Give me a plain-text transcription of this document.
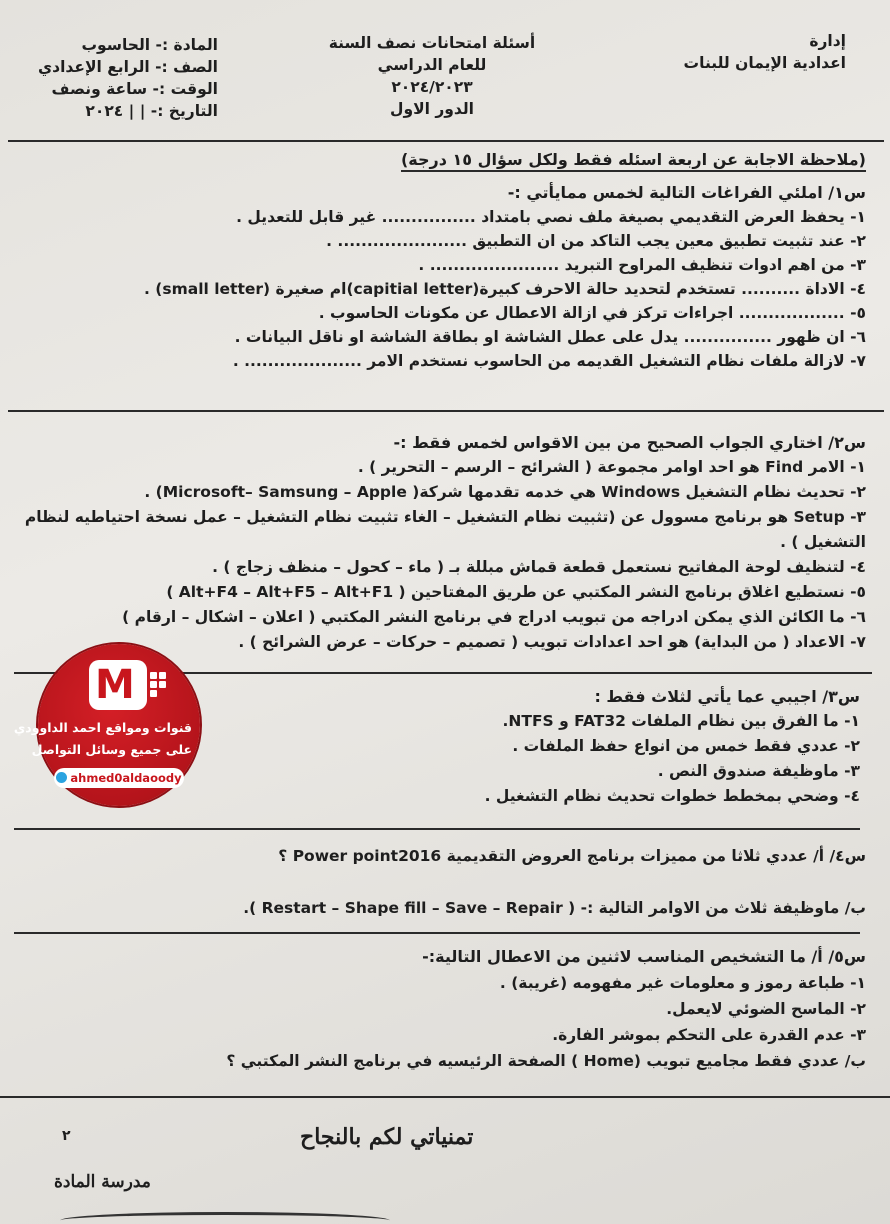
إدارة
اعدادية الإيمان للبنات
أسئلة امتحانات نصف السنة
للعام الدراسي
٢٠٢٤/٢٠٢٣
الدور الاول
المادة :- الحاسوب
الصف :- الرابع الإعدادي
الوقت :- ساعة ونصف
التاريخ :- | | ٢٠٢٤
(ملاحظة الاجابة عن اربعة اسئله فقط ولكل سؤال ١٥ درجة)
س١/ املئي الفراغات التالية لخمس ممايأتي :-
١- يحفظ العرض التقديمي بصيغة ملف نصي بامتداد ................ غير قابل للتعديل .
٢- عند تثبيت تطبيق معين يجب التاكد من ان التطبيق ...................... .
٣- من اهم ادوات تنظيف المراوح التبريد ...................... .
٤- الاداة .......... تستخدم لتحديد حالة الاحرف كبيرة(capitial letter)ام صغيرة (small letter) .
٥- .................. اجراءات تركز في ازالة الاعطال عن مكونات الحاسوب .
٦- ان ظهور ............... يدل على عطل الشاشة او بطاقة الشاشة او ناقل البيانات .
٧- لازالة ملفات نظام التشغيل القديمه من الحاسوب نستخدم الامر .................... .
س٢/ اختاري الجواب الصحيح من بين الاقواس لخمس فقط :-
١- الامر Find هو احد اوامر مجموعة ( الشرائح – الرسم – التحرير ) .
٢- تحديث نظام التشغيل Windows هي خدمه تقدمها شركة( Microsoft– Samsung – Apple) .
٣- Setup هو برنامج مسوول عن (تثبيت نظام التشغيل – الغاء تثبيت نظام التشغيل – عمل نسخة احتياطيه لنظام التشغيل ) .
٤- لتنظيف لوحة المفاتيح نستعمل قطعة قماش مبللة بـ ( ماء – كحول – منظف زجاج ) .
٥- نستطيع اغلاق برنامج النشر المكتبي عن طريق المفتاحين ( Alt+F4 – Alt+F5 – Alt+F1 )
٦- ما الكائن الذي يمكن ادراجه من تبويب ادراج في برنامج النشر المكتبي ( اعلان – اشكال – ارقام )
٧- الاعداد ( من البداية) هو احد اعدادات تبويب ( تصميم – حركات – عرض الشرائح ) .
س٣/ اجيبي عما يأتي لثلاث فقط :
١- ما الفرق بين نظام الملفات FAT32 و NTFS.
٢- عددي فقط خمس من انواع حفظ الملفات .
٣- ماوظيفة صندوق النص .
٤- وضحي بمخطط خطوات تحديث نظام التشغيل .
س٤/ أ/ عددي ثلاثا من مميزات برنامج العروض التقديمية Power point2016 ؟
ب/ ماوظيفة ثلاث من الاوامر التالية :- ( Restart – Shape fill – Save – Repair ).
س٥/ أ/ ما التشخيص المناسب لاثنين من الاعطال التالية:-
١- طباعة رموز و معلومات غير مفهومه (غريبة) .
٢- الماسح الضوئي لايعمل.
٣- عدم القدرة على التحكم بموشر الفارة.
ب/ عددي فقط مجاميع تبويب (Home ) الصفحة الرئيسيه في برنامج النشر المكتبي ؟
٢	تمنياتي لكم بالنجاح
مدرسة المادة
M
قنوات ومواقع احمد الداوودي
على جميع وسائل التواصل
ahmed0aldaoody
